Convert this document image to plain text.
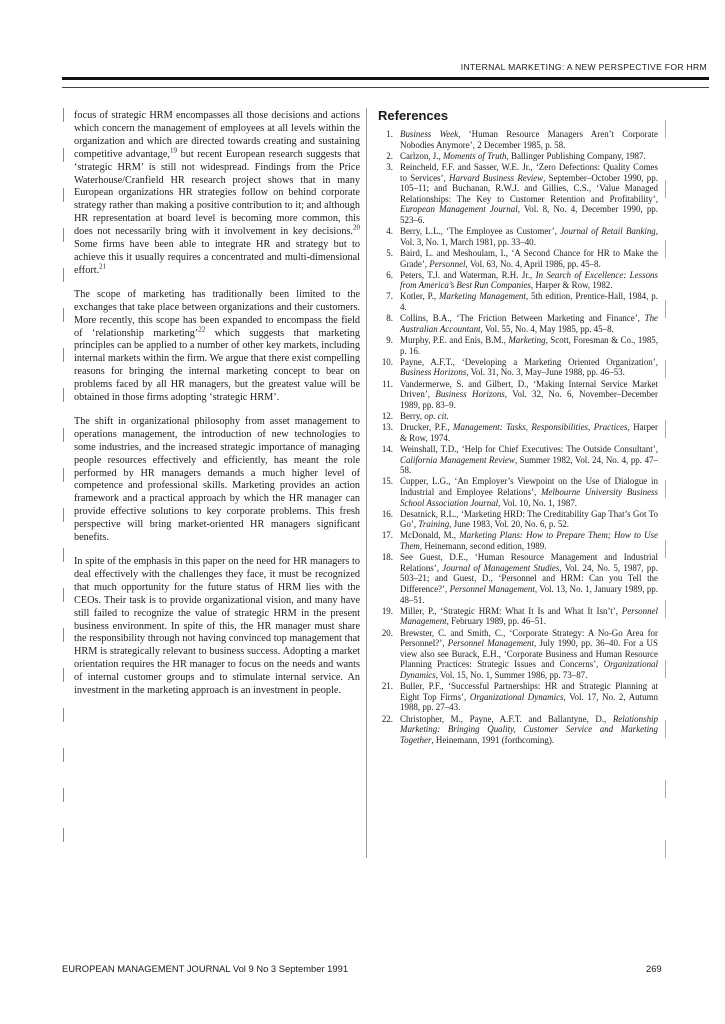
INTERNAL MARKETING: A NEW PERSPECTIVE FOR HRM

focus of strategic HRM encompasses all those decisions and actions which concern the management of employees at all levels within the organization and which are directed towards creating and sustaining competitive advantage,$^{19}$ but recent European research suggests that ‘strategic HRM’ is still not widespread. Findings from the Price Waterhouse/Cranfield HR research project shows that in many European organizations HR strategies follow on behind corporate strategy rather than making a positive contribution to it; and although HR representation at board level is becoming more common, this does not necessarily bring with it involvement in key decisions.$^{20}$ Some firms have been able to integrate HR and strategy but to achieve this it usually requires a concentrated and multi-dimensional effort.$^{21}$

The scope of marketing has traditionally been limited to the exchanges that take place between organizations and their customers. More recently, this scope has been expanded to encompass the field of ‘relationship marketing’$^{22}$ which suggests that marketing principles can be applied to a number of other key markets, including internal markets within the firm. We argue that there exist compelling reasons for bringing the internal marketing concept to bear on problems faced by all HR managers, but the greatest value will be obtained in those firms adopting ‘strategic HRM’.

The shift in organizational philosophy from asset management to operations management, the introduction of new technologies to some industries, and the increased strategic importance of managing people resources effectively and efficiently, has meant the role performed by HR managers demands a much higher level of competence and professional skills. Marketing provides an action framework and a practical approach by which the HR manager can provide effective solutions to key corporate problems. This fresh perspective will bring market-oriented HR managers significant benefits.

In spite of the emphasis in this paper on the need for HR managers to deal effectively with the challenges they face, it must be recognized that much opportunity for the future status of HRM lies with the CEOs. Their task is to provide organizational vision, and many have still failed to recognize the value of strategic HRM in the present business environment. In spite of this, the HR manager must share the responsibility through not having convinced top management that HRM is strategically relevant to business success. Adopting a market orientation requires the HR manager to focus on the needs and wants of internal customer groups and to stimulate internal service. An investment in the marketing approach is an investment in people.

References
1. Business Week, ‘Human Resource Managers Aren’t Corporate Nobodies Anymore’, 2 December 1985, p. 58.
2. Carlzon, J., Moments of Truth, Ballinger Publishing Company, 1987.
3. Reincheld, F.F. and Sasser, W.E. Jr., ‘Zero Defections: Quality Comes to Services’, Harvard Business Review, September–October 1990, pp. 105–11; and Buchanan, R.W.J. and Gillies, C.S., ‘Value Managed Relationships: The Key to Customer Retention and Profitability’, European Management Journal, Vol. 8, No. 4, December 1990, pp. 523–6.
4. Berry, L.L., ‘The Employee as Customer’, Journal of Retail Banking, Vol. 3, No. 1, March 1981, pp. 33–40.
5. Baird, L. and Meshoulam, I., ‘A Second Chance for HR to Make the Grade’, Personnel, Vol. 63, No. 4, April 1986, pp. 45–8.
6. Peters, T.J. and Waterman, R.H. Jr., In Search of Excellence: Lessons from America’s Best Run Companies, Harper & Row, 1982.
7. Kotler, P., Marketing Management, 5th edition, Prentice-Hall, 1984, p. 4.
8. Collins, B.A., ‘The Friction Between Marketing and Finance’, The Australian Accountant, Vol. 55, No. 4, May 1985, pp. 45–8.
9. Murphy, P.E. and Enis, B.M., Marketing, Scott, Foresman & Co., 1985, p. 16.
10. Payne, A.F.T., ‘Developing a Marketing Oriented Organization’, Business Horizons, Vol. 31, No. 3, May–June 1988, pp. 46–53.
11. Vandermerwe, S. and Gilbert, D., ‘Making Internal Service Market Driven’, Business Horizons, Vol. 32, No. 6, November–December 1989, pp. 83–9.
12. Berry, op. cit.
13. Drucker, P.F., Management: Tasks, Responsibilities, Practices, Harper & Row, 1974.
14. Weinshall, T.D., ‘Help for Chief Executives: The Outside Consultant’, California Management Review, Summer 1982, Vol. 24, No. 4, pp. 47–58.
15. Cupper, L.G., ‘An Employer’s Viewpoint on the Use of Dialogue in Industrial and Employee Relations’, Melbourne University Business School Association Journal, Vol. 10, No. 1, 1987.
16. Desatnick, R.L., ‘Marketing HRD: The Creditability Gap That’s Got To Go’, Training, June 1983, Vol. 20, No. 6, p. 52.
17. McDonald, M., Marketing Plans: How to Prepare Them; How to Use Them, Heinemann, second edition, 1989.
18. See Guest, D.E., ‘Human Resource Management and Industrial Relations’, Journal of Management Studies, Vol. 24, No. 5, 1987, pp. 503–21; and Guest, D., ‘Personnel and HRM: Can you Tell the Difference?’, Personnel Management, Vol. 13, No. 1, January 1989, pp. 48–51.
19. Miller, P., ‘Strategic HRM: What It Is and What It Isn’t’, Personnel Management, February 1989, pp. 46–51.
20. Brewster, C. and Smith, C., ‘Corporate Strategy: A No-Go Area for Personnel?’, Personnel Management, July 1990, pp. 36–40. For a US view also see Burack, E.H., ‘Corporate Business and Human Resource Planning Practices: Strategic Issues and Concerns’, Organizational Dynamics, Vol. 15, No. 1, Summer 1986, pp. 73–87.
21. Buller, P.F., ‘Successful Partnerships: HR and Strategic Planning at Eight Top Firms’, Organizational Dynamics, Vol. 17, No. 2, Autumn 1988, pp. 27–43.
22. Christopher, M., Payne, A.F.T. and Ballantyne, D., Relationship Marketing: Bringing Quality, Customer Service and Marketing Together, Heinemann, 1991 (forthcoming).
EUROPEAN MANAGEMENT JOURNAL Vol 9 No 3 September 1991	269
